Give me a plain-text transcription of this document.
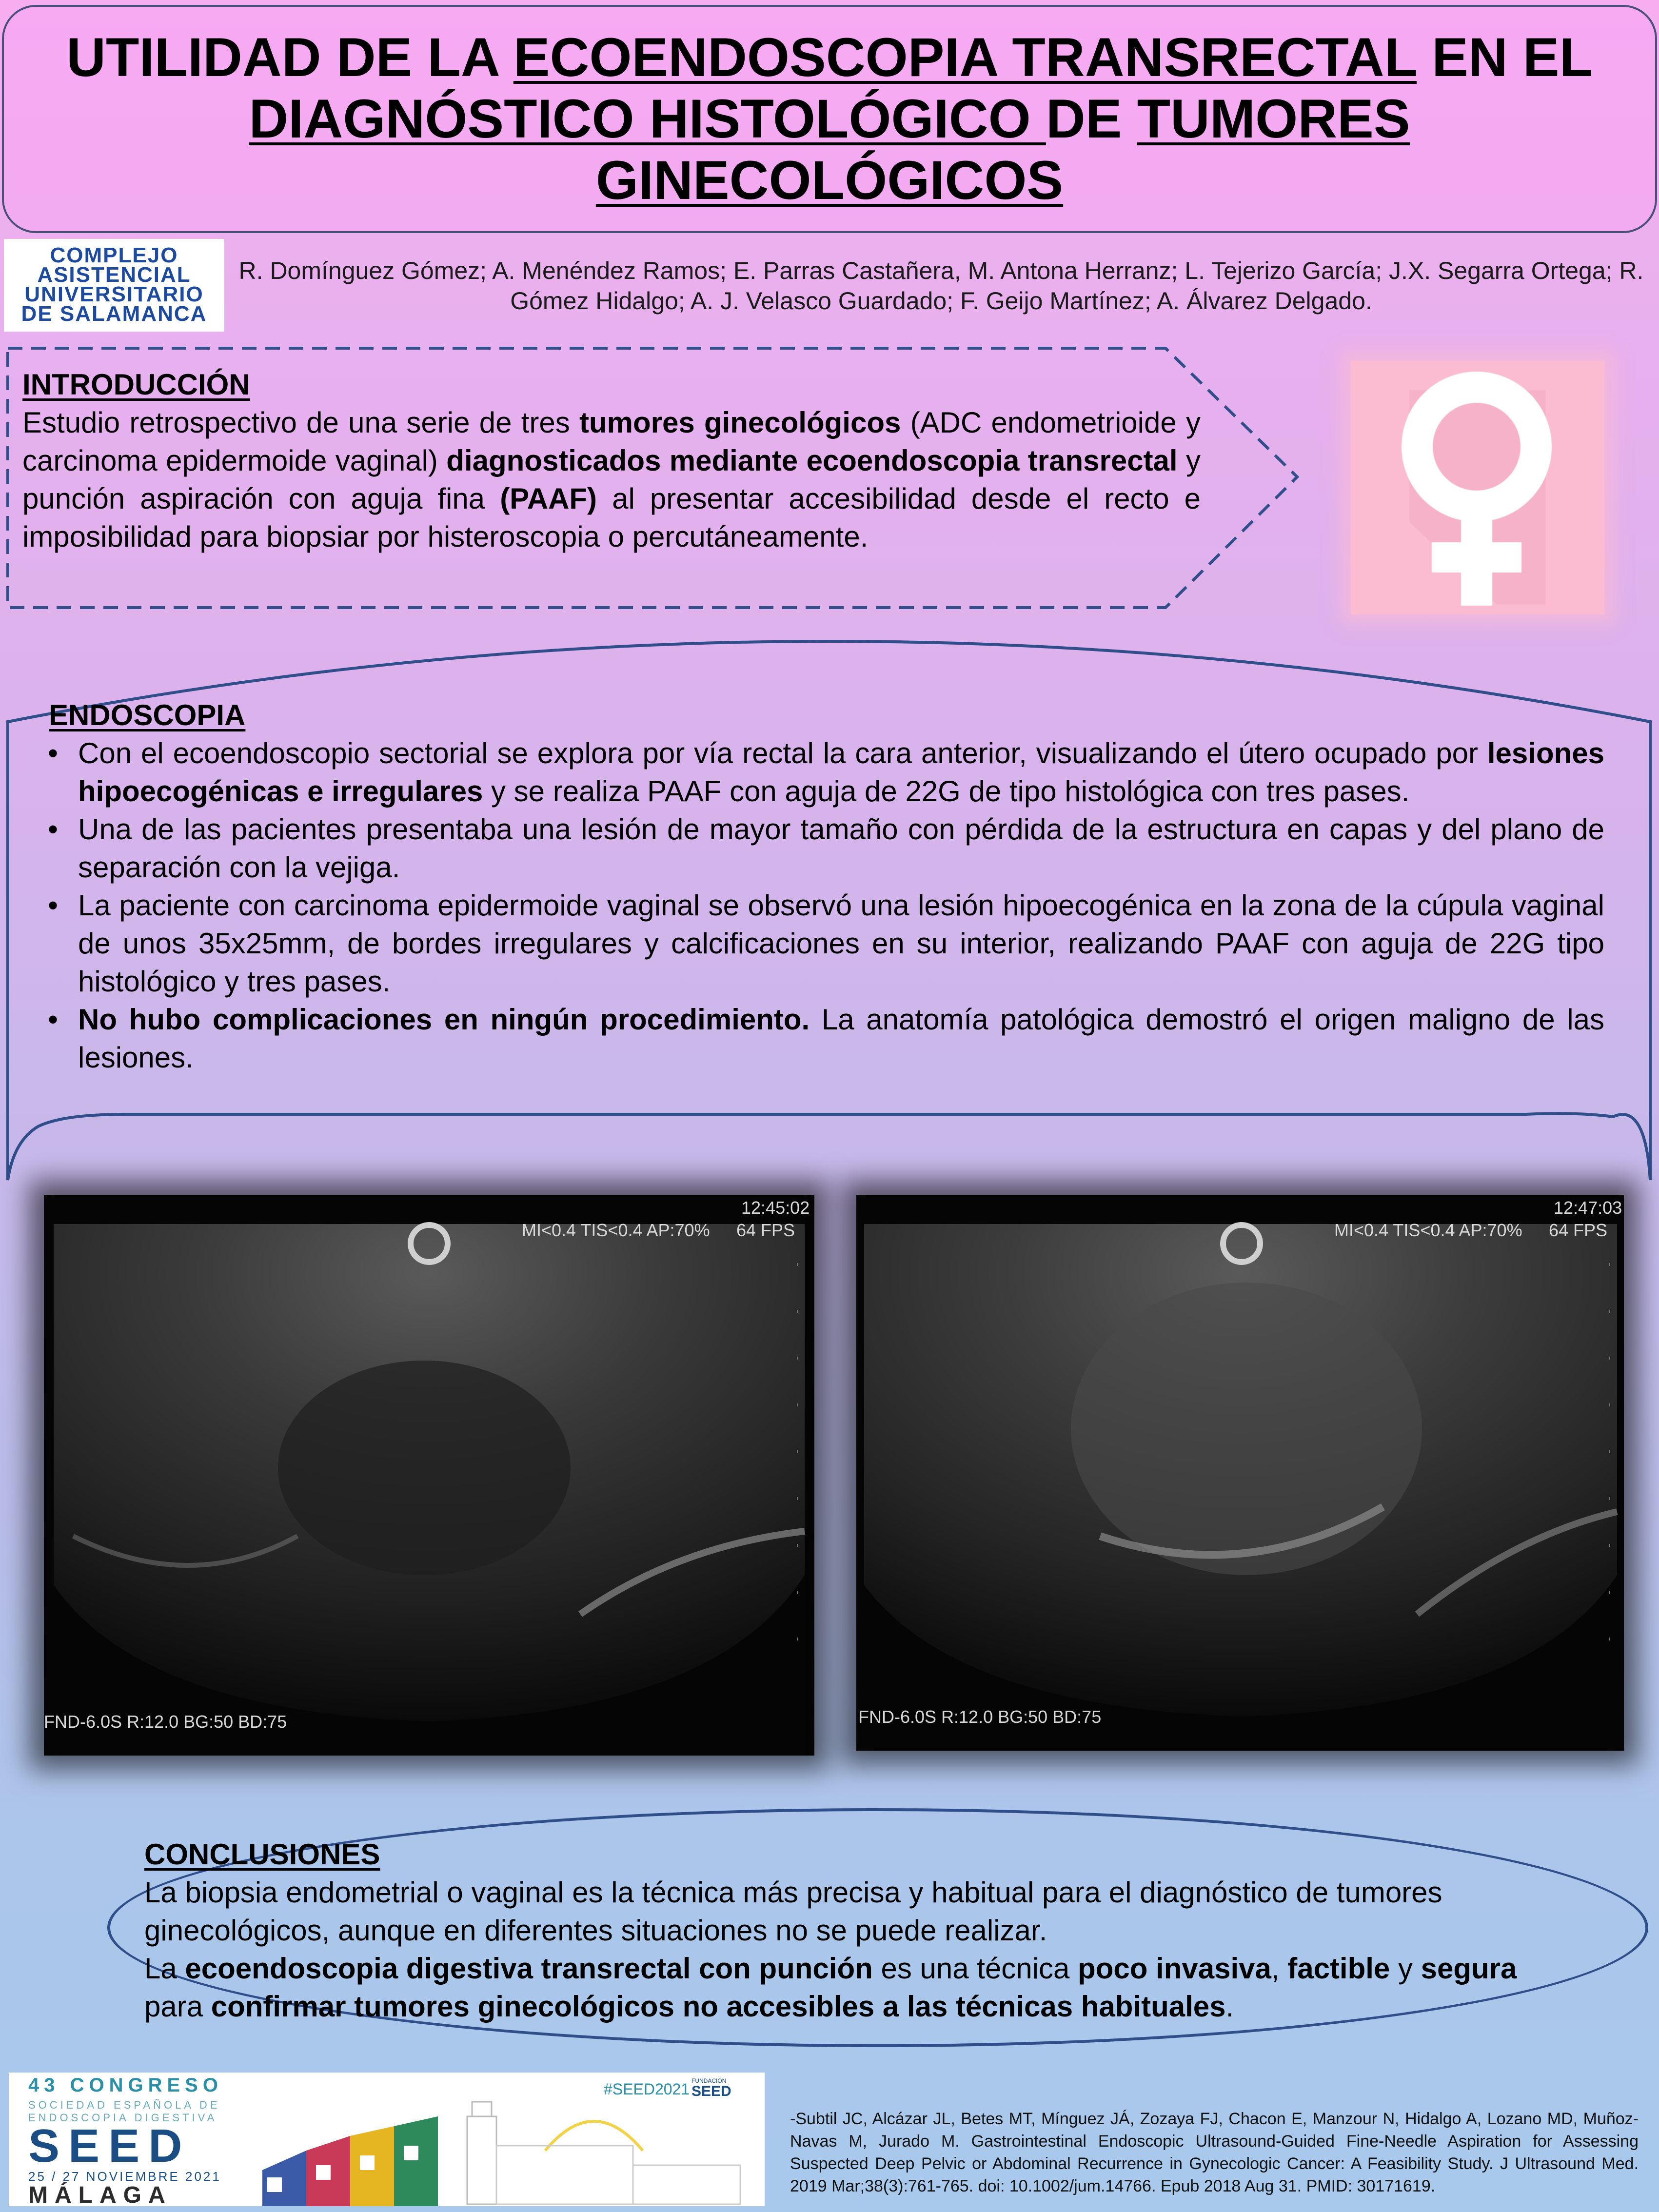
UTILIDAD DE LA ECOENDOSCOPIA TRANSRECTAL EN EL
DIAGNÓSTICO HISTOLÓGICO DE TUMORES GINECOLÓGICOS
COMPLEJO
ASISTENCIAL
UNIVERSITARIO
DE SALAMANCA
R. Domínguez Gómez; A. Menéndez Ramos; E. Parras Castañera, M. Antona Herranz; L. Tejerizo García; J.X. Segarra Ortega; R. Gómez Hidalgo; A. J. Velasco Guardado; F. Geijo Martínez; A. Álvarez Delgado.
INTRODUCCIÓN
Estudio retrospectivo de una serie de tres tumores ginecológicos (ADC endometrioide y carcinoma epidermoide vaginal) diagnosticados mediante ecoendoscopia transrectal y punción aspiración con aguja fina (PAAF) al presentar accesibilidad desde el recto e imposibilidad para biopsiar por histeroscopia o percutáneamente.
ENDOSCOPIA
• Con el ecoendoscopio sectorial se explora por vía rectal la cara anterior, visualizando el útero ocupado por lesiones hipoecogénicas e irregulares y se realiza PAAF con aguja de 22G de tipo histológica con tres pases.
• Una de las pacientes presentaba una lesión de mayor tamaño con pérdida de la estructura en capas y del plano de separación con la vejiga.
• La paciente con carcinoma epidermoide vaginal se observó una lesión hipoecogénica en la zona de la cúpula vaginal de unos 35x25mm, de bordes irregulares y calcificaciones en su interior, realizando PAAF con aguja de 22G tipo histológico y tres pases.
• No hubo complicaciones en ningún procedimiento. La anatomía patológica demostró el origen maligno de las lesiones.
12:45:02
MI<0.4 TIS<0.4 AP:70% 64 FPS
FND-6.0S R:12.0 BG:50 BD:75
12:47:03
MI<0.4 TIS<0.4 AP:70% 64 FPS
FND-6.0S R:12.0 BG:50 BD:75
CONCLUSIONES
La biopsia endometrial o vaginal es la técnica más precisa y habitual para el diagnóstico de tumores ginecológicos, aunque en diferentes situaciones no se puede realizar.
La ecoendoscopia digestiva transrectal con punción es una técnica poco invasiva, factible y segura para confirmar tumores ginecológicos no accesibles a las técnicas habituales.
43 CONGRESO
SOCIEDAD ESPAÑOLA DE
ENDOSCOPIA DIGESTIVA
SEED
25 / 27 NOVIEMBRE 2021
MÁLAGA
#SEED2021 FUNDACIÓN
SEED
-Subtil JC, Alcázar JL, Betes MT, Mínguez JÁ, Zozaya FJ, Chacon E, Manzour N, Hidalgo A, Lozano MD, Muñoz-Navas M, Jurado M. Gastrointestinal Endoscopic Ultrasound-Guided Fine-Needle Aspiration for Assessing Suspected Deep Pelvic or Abdominal Recurrence in Gynecologic Cancer: A Feasibility Study. J Ultrasound Med. 2019 Mar;38(3):761-765. doi: 10.1002/jum.14766. Epub 2018 Aug 31. PMID: 30171619.
